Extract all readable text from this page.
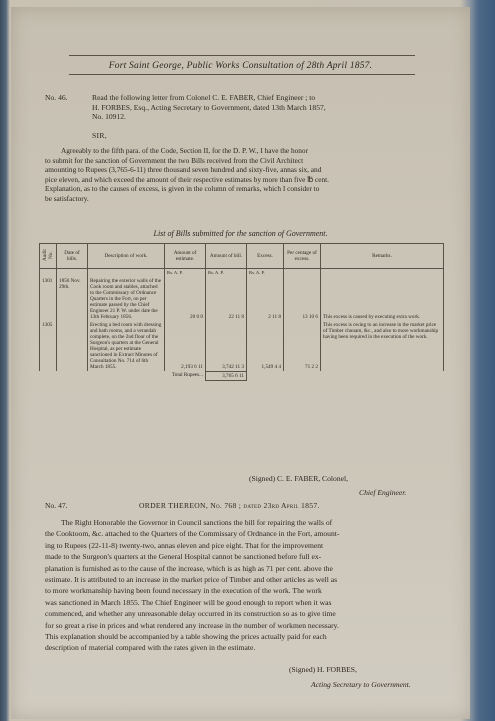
Fort Saint George, Public Works Consultation of 28th April 1857.
No. 46.	Read the following letter from Colonel C. E. FABER, Chief Engineer ; to
H. FORBES, Esq., Acting Secretary to Government, dated 13th March 1857,
No. 10912.
SIR,
Agreeably to the fifth para. of the Code, Section II, for the D. P. W., I have the honor
to submit for the sanction of Government the two Bills received from the Civil Architect
amounting to Rupees (3,765-6-11) three thousand seven hundred and sixty-five, annas six, and
pice eleven, and which exceed the amount of their respective estimates by more than five ℔ cent.
Explanation, as to the causes of excess, is given in the column of remarks, which I consider to
be satisfactory.
List of Bills submitted for the sanction of Government.
Audit No.	Date of bills.	Description of work.	Amount of estimate.	Amount of bill.	Excess.	Per centage of excess.	Remarks.
			Rs. A. P.	Rs. A. P.	Rs. A. P.		
1301	1856 Nov. 29th.	Repairing the exterior walls of the Cook room and stables, attached to the Commissary of Ordnance Quarters in the Fort, on per estimate passed by the Chief Engineer 21 P. W. under date the 13th February 1856.	20 0 0	22 11 8	2 11 8	13 10 6	This excess is caused by executing extra work.
1305		Erecting a bed room with dressing and bath rooms, and a verandah complete, on the 2nd floor of the Surgeon's quarters at the General Hospital, as per estimate sanctioned in Extract Minutes of Consultation No. 714 of 6th March 1855.	2,193 6 11	3,742 11 3	1,549 4 4	71 2 2	This excess is owing to an increase in the market price of Timber chunam, &c., and also to more workmanship having been required in the execution of the work.
		Total Rupees...		3,765 6 11			
(Signed) C. E. FABER, Colonel,
Chief Engineer.
No. 47.	ORDER THEREON, No. 768 ; dated 23rd April 1857.
The Right Honorable the Governor in Council sanctions the bill for repairing the walls of
the Cooktoom, &c. attached to the Quarters of the Commissary of Ordnance in the Fort, amount-
ing to Rupees (22-11-8) twenty-two, annas eleven and pice eight. That for the improvement
made to the Surgeon's quarters at the General Hospital cannot be sanctioned before full ex-
planation is furnished as to the cause of the increase, which is as high as 71 per cent. above the
estimate. It is attributed to an increase in the market price of Timber and other articles as well as
to more workmanship having been found necessary in the execution of the work. The work
was sanctioned in March 1855. The Chief Engineer will be good enough to report when it was
commenced, and whether any unreasonable delay occurred in its construction so as to give time
for so great a rise in prices and what rendered any increase in the number of workmen necessary.
This explanation should be accompanied by a table showing the prices actually paid for each
description of material compared with the rates given in the estimate.
(Signed) H. FORBES,
Acting Secretary to Government.
